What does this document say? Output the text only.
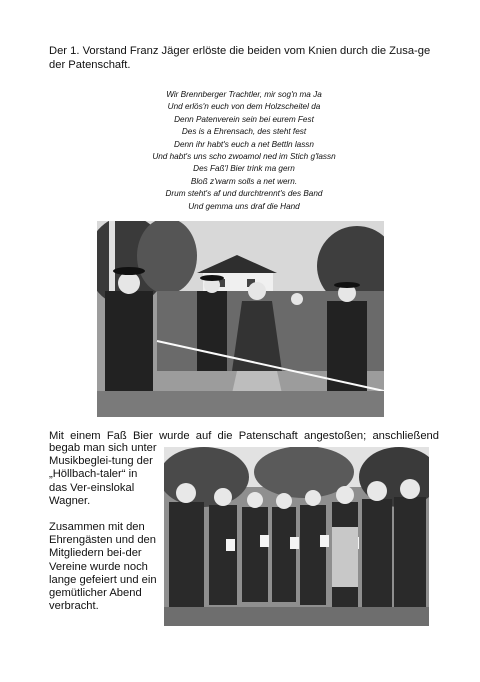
Der 1. Vorstand Franz Jäger erlöste die beiden vom Knien durch die Zusa-ge der Patenschaft.
Wir Brennberger Trachtler, mir sog'n ma Ja
Und erlös'n euch von dem Holzscheitel da
Denn Patenverein sein bei eurem Fest
Des is a Ehrensach, des steht fest
Denn ihr habt's euch a net Bettln lassn
Und habt's uns scho zwoamol ned im Stich g'lassn
Des Faß'l Bier trink ma gern
Bloß z'warm solls a net wern.
Drum steht's af und durchtrennt's des Band
Und gemma uns draf die Hand
Mit einem Faß Bier wurde auf die Patenschaft angestoßen; anschließend

begab man sich unter Musikbeglei-tung der „Höllbach-taler“ in das Ver-einslokal Wagner.

Zusammen mit den Ehrengästen und den Mitgliedern bei-der Vereine wurde noch lange gefeiert und ein gemütlicher Abend verbracht.
